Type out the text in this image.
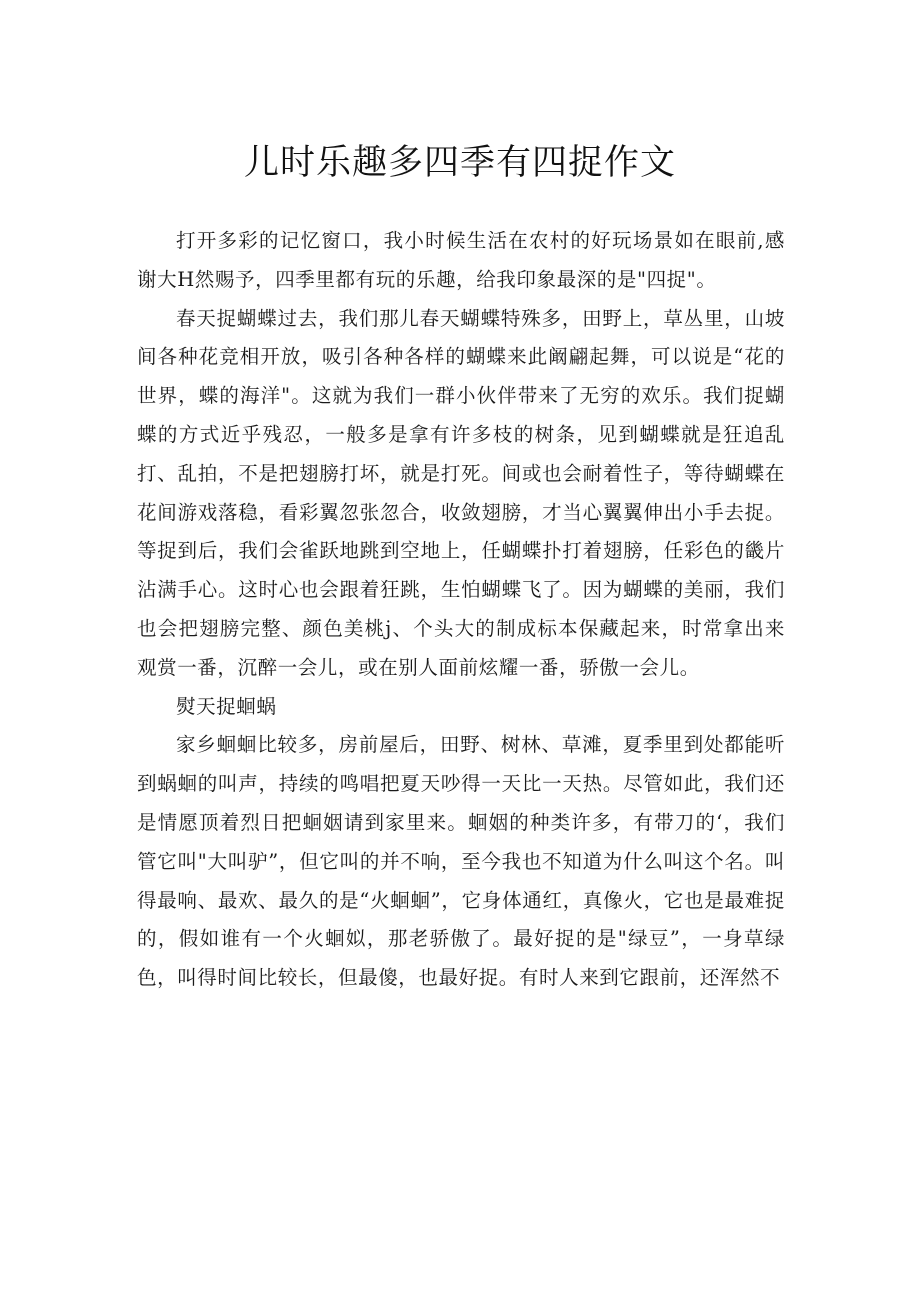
儿时乐趣多四季有四捉作文

打开多彩的记忆窗口，我小时候生活在农村的好玩场景如在眼前,感谢大H然赐予，四季里都有玩的乐趣，给我印象最深的是"四捉"。

春天捉蝴蝶过去，我们那儿春天蝴蝶特殊多，田野上，草丛里，山坡间各种花竞相开放，吸引各种各样的蝴蝶来此阚翩起舞，可以说是“花的世界，蝶的海洋"。这就为我们一群小伙伴带来了无穷的欢乐。我们捉蝴蝶的方式近乎残忍，一般多是拿有许多枝的树条，见到蝴蝶就是狂追乱打、乱拍，不是把翅膀打坏，就是打死。间或也会耐着性子，等待蝴蝶在花间游戏落稳，看彩翼忽张忽合，收敛翅膀，才当心翼翼伸出小手去捉。等捉到后，我们会雀跃地跳到空地上，任蝴蝶扑打着翅膀，任彩色的畿片沾满手心。这时心也会跟着狂跳，生怕蝴蝶飞了。因为蝴蝶的美丽，我们也会把翅膀完整、颜色美桃j、个头大的制成标本保藏起来，时常拿出来观赏一番，沉醉一会儿，或在别人面前炫耀一番，骄傲一会儿。

熨天捉蛔蜗

家乡蛔蛔比较多，房前屋后，田野、树林、草滩，夏季里到处都能听到蜗蛔的叫声，持续的鸣唱把夏天吵得一天比一天热。尽管如此，我们还是情愿顶着烈日把蛔姻请到家里来。蛔姻的种类许多，有带刀的‘，我们管它叫"大叫驴”，但它叫的并不响，至今我也不知道为什么叫这个名。叫得最响、最欢、最久的是“火蛔蛔”，它身体通红，真像火，它也是最难捉的，假如谁有一个火蛔姒，那老骄傲了。最好捉的是"绿豆”，一身草绿色，叫得时间比较长，但最傻，也最好捉。有时人来到它跟前，还浑然不
